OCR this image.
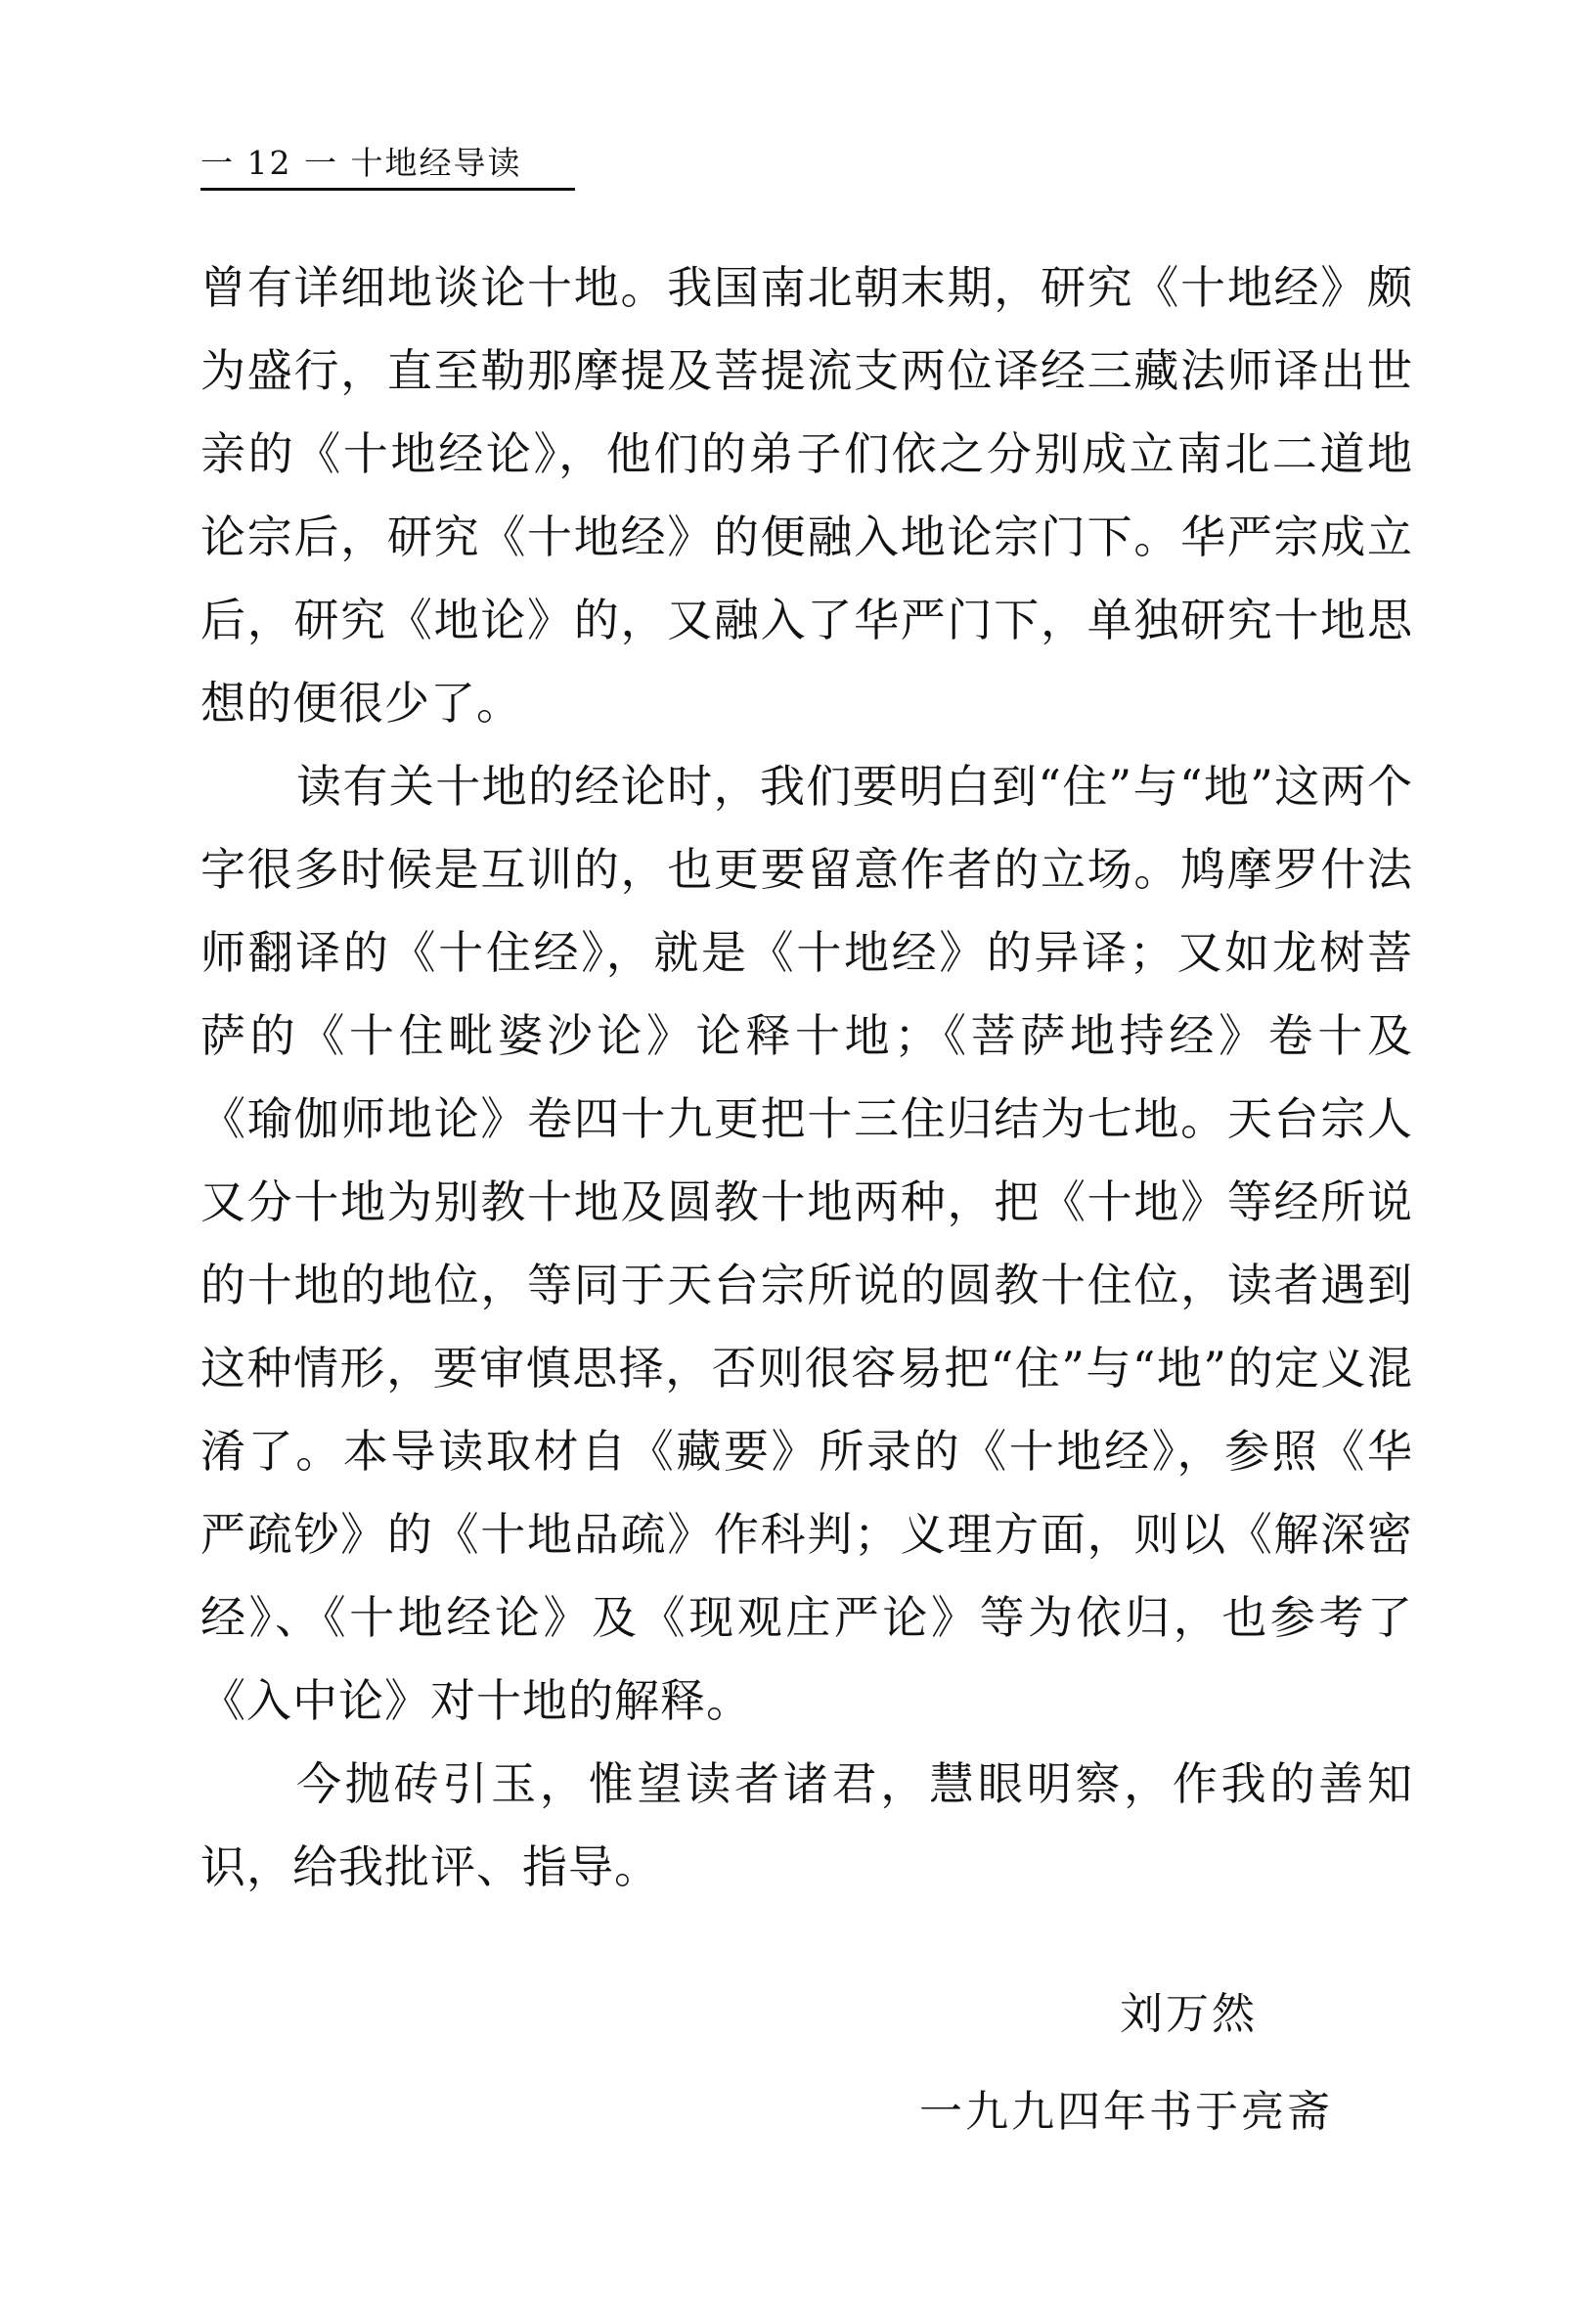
一 12 一 十地经导读

曾有详细地谈论十地。我国南北朝末期，研究《十地经》颇为盛行，直至勒那摩提及菩提流支两位译经三藏法师译出世亲的《十地经论》，他们的弟子们依之分别成立南北二道地论宗后，研究《十地经》的便融入地论宗门下。华严宗成立后，研究《地论》的，又融入了华严门下，单独研究十地思想的便很少了。

读有关十地的经论时，我们要明白到“住”与“地”这两个字很多时候是互训的，也更要留意作者的立场。鸠摩罗什法师翻译的《十住经》，就是《十地经》的异译；又如龙树菩萨的《十住毗婆沙论》论释十地；《菩萨地持经》卷十及《瑜伽师地论》卷四十九更把十三住归结为七地。天台宗人又分十地为别教十地及圆教十地两种，把《十地》等经所说的十地的地位，等同于天台宗所说的圆教十住位，读者遇到这种情形，要审慎思择，否则很容易把“住”与“地”的定义混淆了。本导读取材自《藏要》所录的《十地经》，参照《华严疏钞》的《十地品疏》作科判；义理方面，则以《解深密经》、《十地经论》及《现观庄严论》等为依归，也参考了《入中论》对十地的解释。

今抛砖引玉，惟望读者诸君，慧眼明察，作我的善知识，给我批评、指导。

刘万然
一九九四年书于亮斋
